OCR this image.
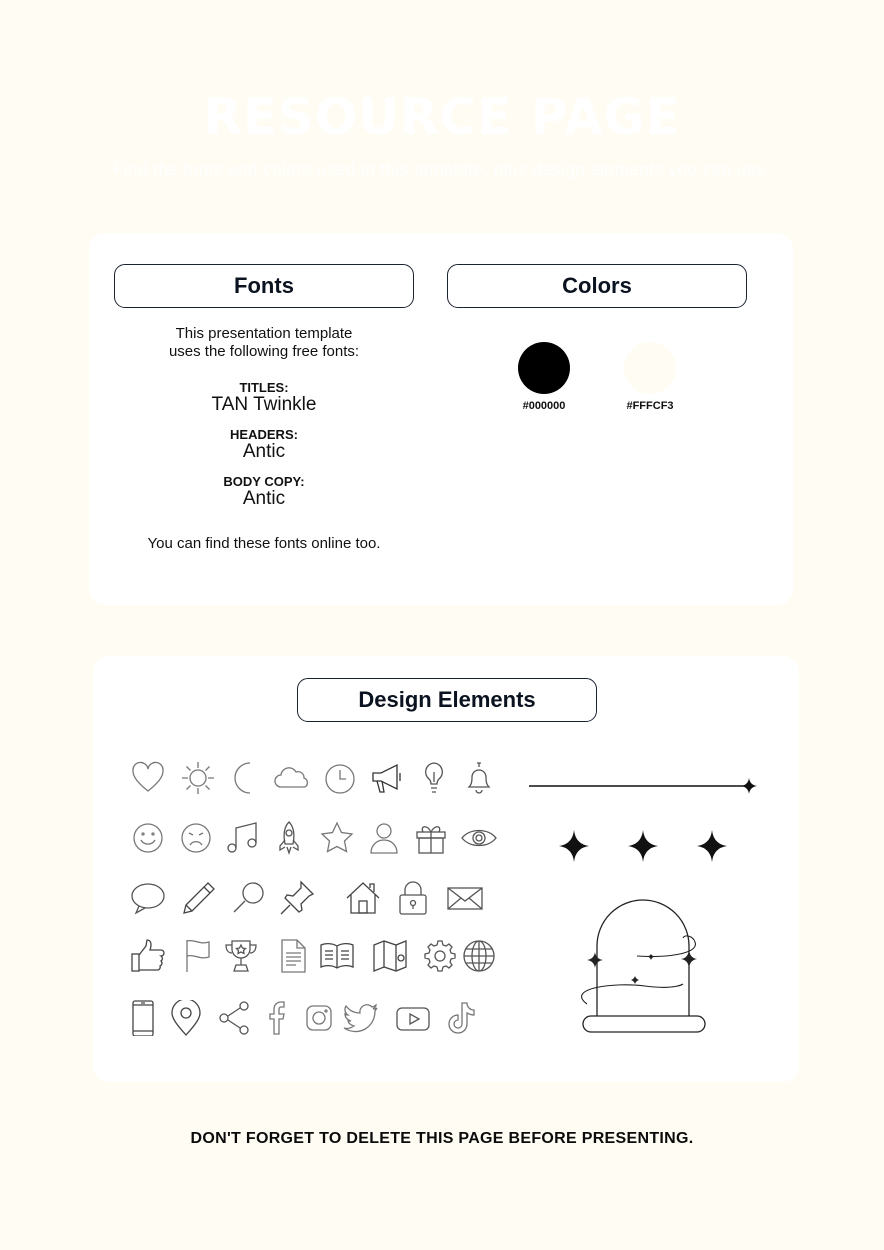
RESOURCE PAGE
Find the fonts and colors used in this template, plus design elements you can use.
Fonts	Colors

This presentation template
uses the following free fonts:

TITLES:
TAN Twinkle
HEADERS:
Antic
BODY COPY:
Antic
You can find these fonts online too.
#000000	#FFFCF3
Design Elements
DON'T FORGET TO DELETE THIS PAGE BEFORE PRESENTING.
